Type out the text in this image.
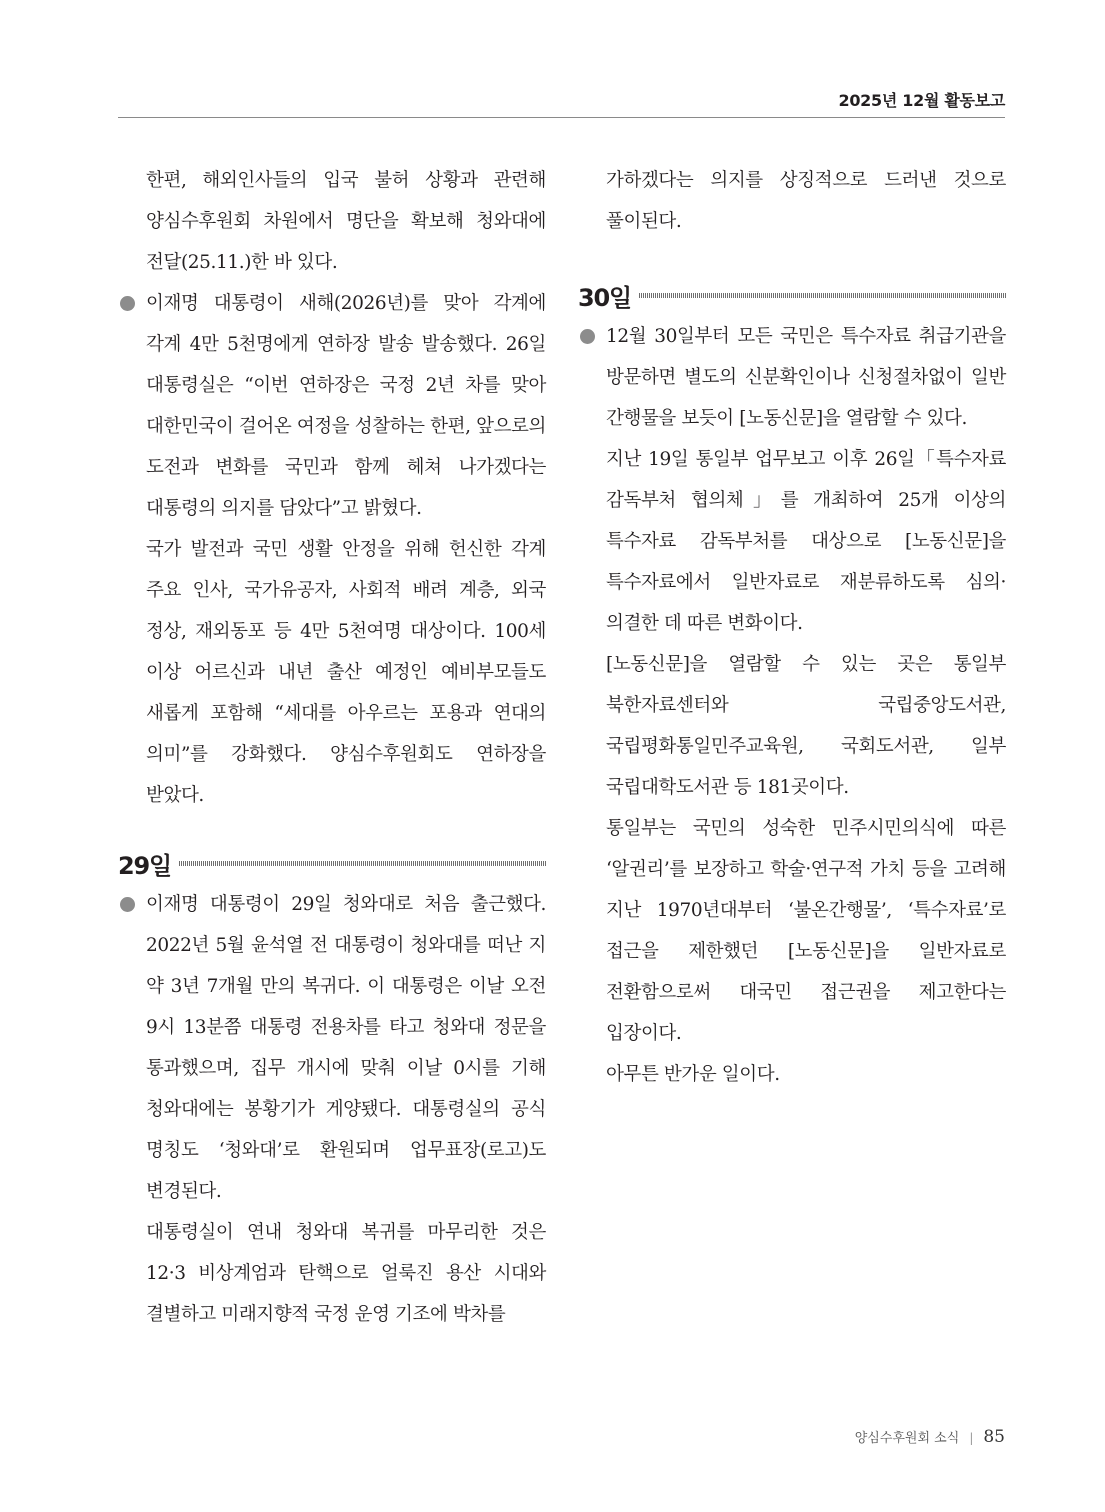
2025년 12월 활동보고

한편, 해외인사들의 입국 불허 상황과 관련해 양심수후원회 차원에서 명단을 확보해 청와대에 전달(25.11.)한 바 있다.

이재명 대통령이 새해(2026년)를 맞아 각계에 각계 4만 5천명에게 연하장 발송 발송했다. 26일 대통령실은 “이번 연하장은 국정 2년 차를 맞아 대한민국이 걸어온 여정을 성찰하는 한편, 앞으로의 도전과 변화를 국민과 함께 헤쳐 나가겠다는 대통령의 의지를 담았다”고 밝혔다.

국가 발전과 국민 생활 안정을 위해 헌신한 각계 주요 인사, 국가유공자, 사회적 배려 계층, 외국 정상, 재외동포 등 4만 5천여명 대상이다. 100세 이상 어르신과 내년 출산 예정인 예비부모들도 새롭게 포함해 “세대를 아우르는 포용과 연대의 의미”를 강화했다. 양심수후원회도 연하장을 받았다.

29일

이재명 대통령이 29일 청와대로 처음 출근했다. 2022년 5월 윤석열 전 대통령이 청와대를 떠난 지 약 3년 7개월 만의 복귀다. 이 대통령은 이날 오전 9시 13분쯤 대통령 전용차를 타고 청와대 정문을 통과했으며, 집무 개시에 맞춰 이날 0시를 기해 청와대에는 봉황기가 게양됐다. 대통령실의 공식 명칭도 ‘청와대’로 환원되며 업무표장(로고)도 변경된다.

대통령실이 연내 청와대 복귀를 마무리한 것은 12·3 비상계엄과 탄핵으로 얼룩진 용산 시대와 결별하고 미래지향적 국정 운영 기조에 박차를

가하겠다는 의지를 상징적으로 드러낸 것으로 풀이된다.

30일

12월 30일부터 모든 국민은 특수자료 취급기관을 방문하면 별도의 신분확인이나 신청절차없이 일반 간행물을 보듯이 [노동신문]을 열람할 수 있다.

지난 19일 통일부 업무보고 이후 26일「특수자료 감독부처 협의체」를 개최하여 25개 이상의 특수자료 감독부처를 대상으로 [노동신문]을 특수자료에서 일반자료로 재분류하도록 심의·의결한 데 따른 변화이다.

[노동신문]을 열람할 수 있는 곳은 통일부 북한자료센터와 국립중앙도서관, 국립평화통일민주교육원, 국회도서관, 일부 국립대학도서관 등 181곳이다.

통일부는 국민의 성숙한 민주시민의식에 따른 ‘알권리’를 보장하고 학술·연구적 가치 등을 고려해 지난 1970년대부터 ‘불온간행물’, ‘특수자료’로 접근을 제한했던 [노동신문]을 일반자료로 전환함으로써 대국민 접근권을 제고한다는 입장이다.

아무튼 반가운 일이다.

양심수후원회 소식 | 85
